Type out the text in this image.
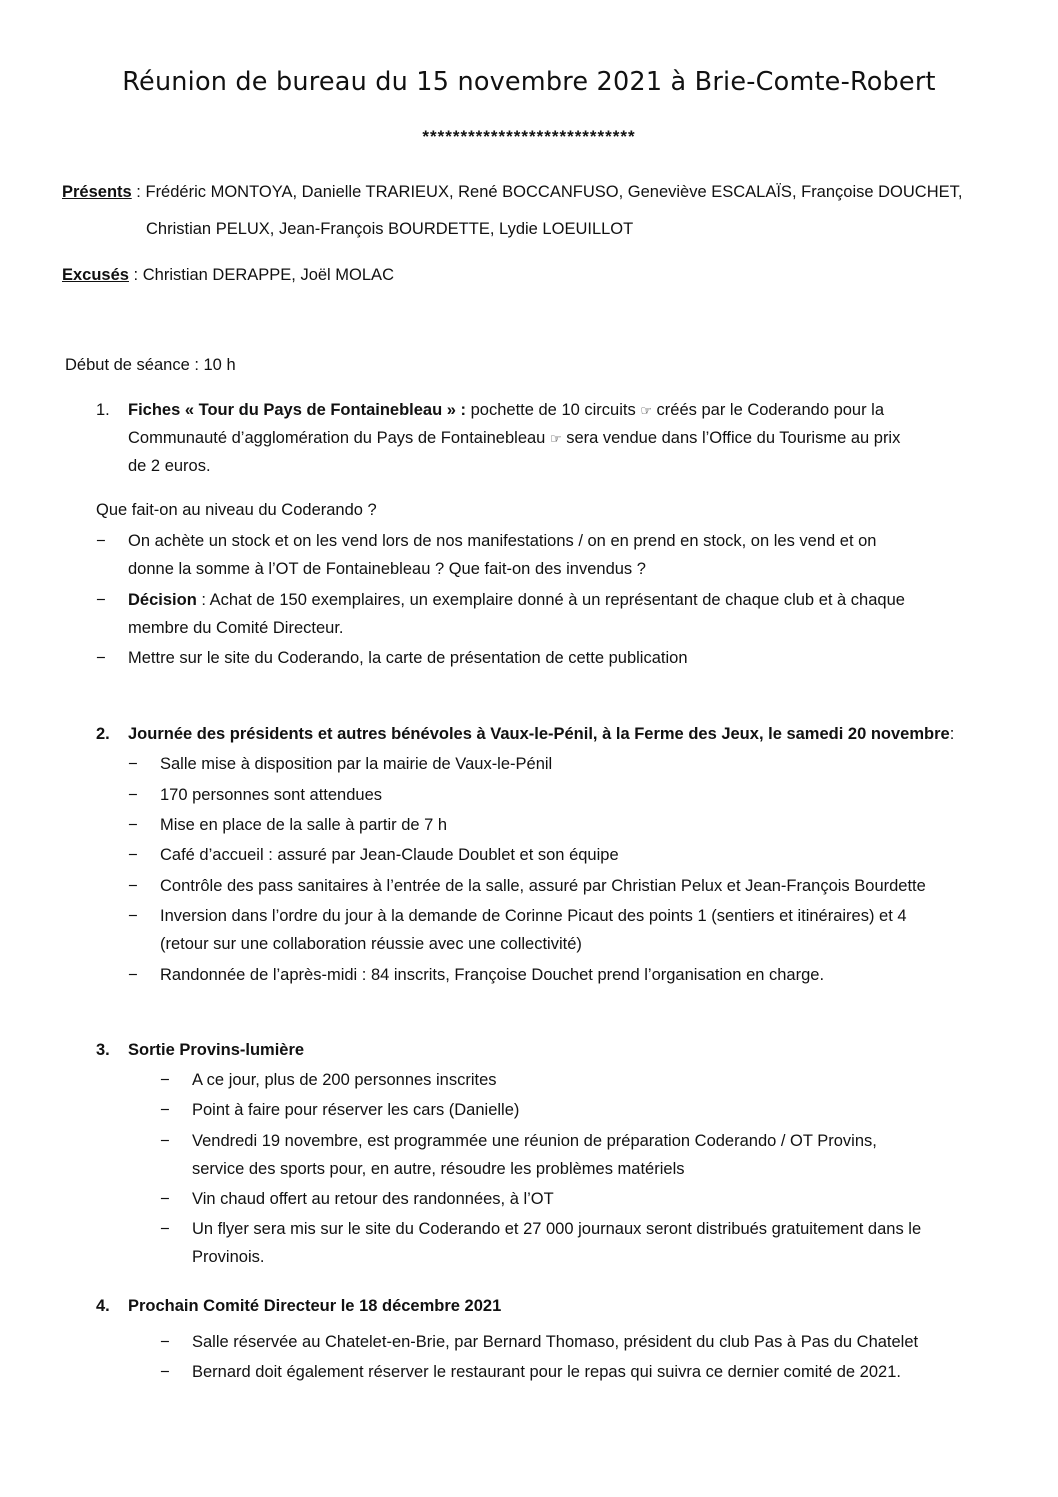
Réunion de bureau du 15 novembre 2021 à Brie-Comte-Robert
****************************
Présents : Frédéric MONTOYA, Danielle TRARIEUX, René BOCCANFUSO, Geneviève ESCALAÏS, Françoise DOUCHET,
Christian PELUX, Jean-François BOURDETTE, Lydie LOEUILLOT
Excusés : Christian DERAPPE, Joël MOLAC
Début de séance : 10 h
1. Fiches « Tour du Pays de Fontainebleau » : pochette de 10 circuits ☞ créés par le Coderando pour la
Communauté d’agglomération du Pays de Fontainebleau ☞ sera vendue dans l’Office du Tourisme au prix
de 2 euros.
Que fait-on au niveau du Coderando ?
− On achète un stock et on les vend lors de nos manifestations / on en prend en stock, on les vend et on
donne la somme à l’OT de Fontainebleau ? Que fait-on des invendus ?
− Décision : Achat de 150 exemplaires, un exemplaire donné à un représentant de chaque club et à chaque
membre du Comité Directeur.
− Mettre sur le site du Coderando, la carte de présentation de cette publication
2. Journée des présidents et autres bénévoles à Vaux-le-Pénil, à la Ferme des Jeux, le samedi 20 novembre:
− Salle mise à disposition par la mairie de Vaux-le-Pénil
− 170 personnes sont attendues
− Mise en place de la salle à partir de 7 h
− Café d’accueil : assuré par Jean-Claude Doublet et son équipe
− Contrôle des pass sanitaires à l’entrée de la salle, assuré par Christian Pelux et Jean-François Bourdette
− Inversion dans l’ordre du jour à la demande de Corinne Picaut des points 1 (sentiers et itinéraires) et 4
(retour sur une collaboration réussie avec une collectivité)
− Randonnée de l’après-midi : 84 inscrits, Françoise Douchet prend l’organisation en charge.
3. Sortie Provins-lumière
− A ce jour, plus de 200 personnes inscrites
− Point à faire pour réserver les cars (Danielle)
− Vendredi 19 novembre, est programmée une réunion de préparation Coderando / OT Provins,
service des sports pour, en autre, résoudre les problèmes matériels
− Vin chaud offert au retour des randonnées, à l’OT
− Un flyer sera mis sur le site du Coderando et 27 000 journaux seront distribués gratuitement dans le
Provinois.
4. Prochain Comité Directeur le 18 décembre 2021
− Salle réservée au Chatelet-en-Brie, par Bernard Thomaso, président du club Pas à Pas du Chatelet
− Bernard doit également réserver le restaurant pour le repas qui suivra ce dernier comité de 2021.
